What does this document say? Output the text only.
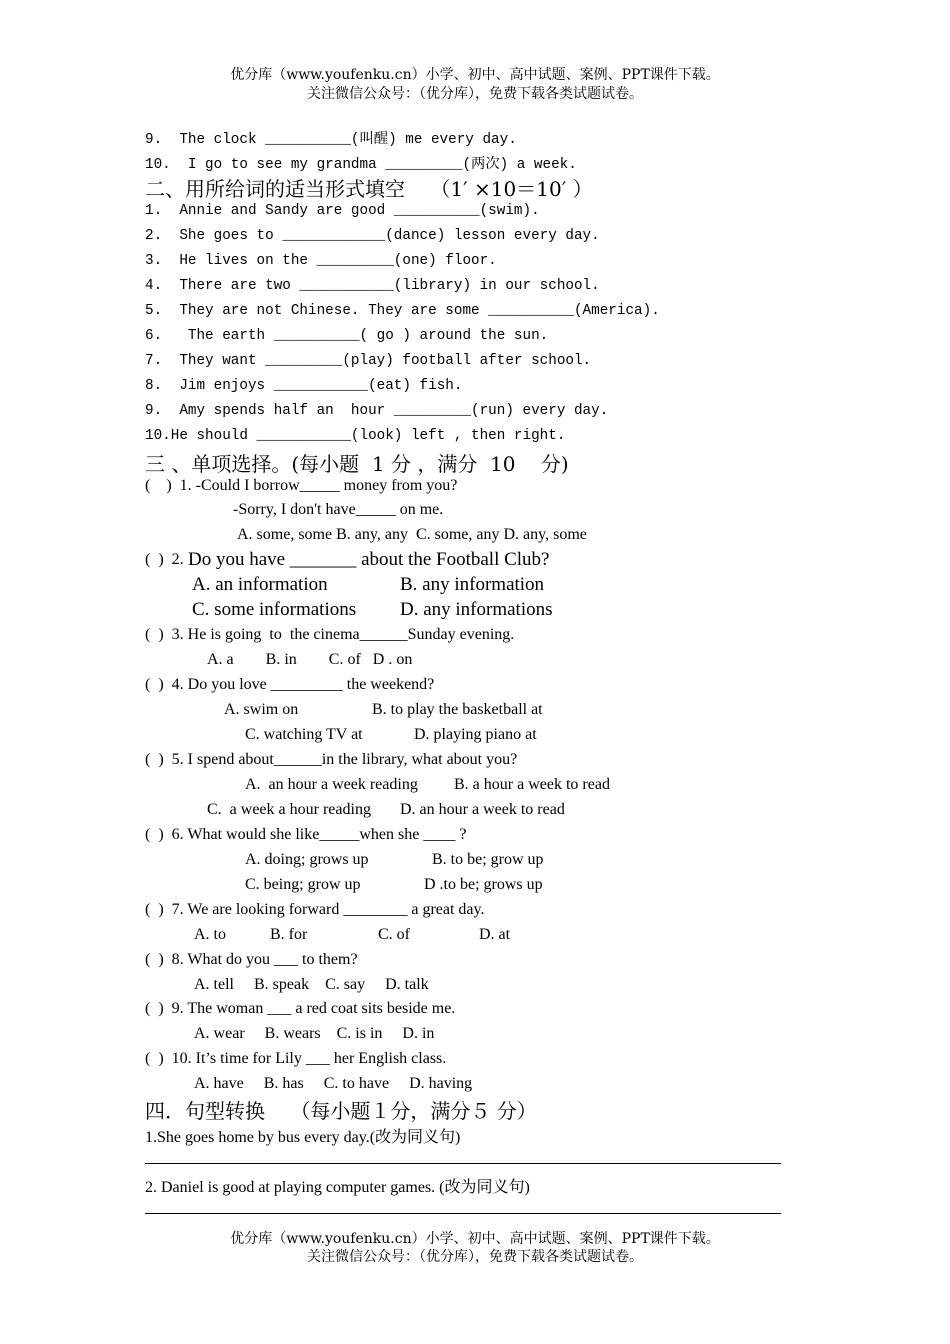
优分库（www.youfenku.cn）小学、初中、高中试题、案例、PPT课件下载。
关注微信公众号：（优分库），免费下载各类试题试卷。
9.  The clock __________(叫醒) me every day.
10.  I go to see my grandma _________(两次) a week.
二、用所给词的适当形式填空    （1′ ×10＝10′ ）
1.  Annie and Sandy are good __________(swim).
2.  She goes to ____________(dance) lesson every day.
3.  He lives on the _________(one) floor.
4.  There are two ___________(library) in our school.
5.  They are not Chinese. They are some __________(America).
6.   The earth __________( go ) around the sun.
7.  They want _________(play) football after school.
8.  Jim enjoys ___________(eat) fish.
9.  Amy spends half an  hour _________(run) every day.
10.He should ___________(look) left , then right.
三 、单项选择。(每小题  1 分 ，满分  10    分)
(    )  1. -Could I borrow_____ money from you?
-Sorry, I don't have_____ on me.
A. some, some B. any, any  C. some, any D. any, some
(  )  2. Do you have _______ about the Football Club?
A. an information	B. any information
C. some informations D. any informations
(  )  3. He is going  to  the cinema______Sunday evening.
A. a        B. in        C. of   D . on
(  )  4. Do you love _________ the weekend?
A. swim on	B. to play the basketball at
C. watching TV at	D. playing piano at
(  )  5. I spend about______in the library, what about you?
A.  an hour a week reading B. a hour a week to read
C.  a week a hour reading D. an hour a week to read
(  )  6. What would she like_____when she ____ ?
A. doing; grows up	B. to be; grow up
C. being; grow up	D .to be; grows up
(  )  7. We are looking forward ________ a great day.
A. to	B. for	C. of	D. at
(  )  8. What do you ___ to them?
A. tell     B. speak    C. say     D. talk
(  )  9. The woman ___ a red coat sits beside me.
A. wear     B. wears    C. is in     D. in
(  )  10. It’s time for Lily ___ her English class.
A. have     B. has     C. to have     D. having
四．句型转换    （每小题１分，满分５ 分）
1.She goes home by bus every day.(改为同义句)
2. Daniel is good at playing computer games. (改为同义句)
优分库（www.youfenku.cn）小学、初中、高中试题、案例、PPT课件下载。
关注微信公众号：（优分库），免费下载各类试题试卷。
